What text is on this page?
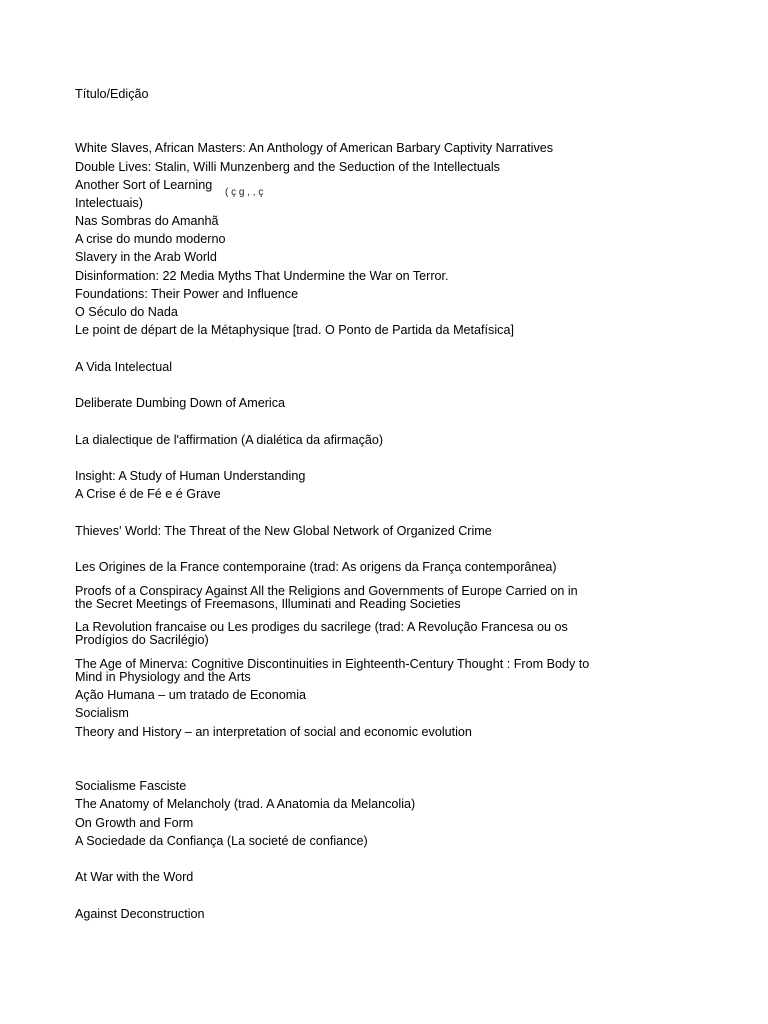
Título/Edição
White Slaves, African Masters: An Anthology of American Barbary Captivity Narratives
Double Lives: Stalin, Willi Munzenberg and the Seduction of the Intellectuals
Another Sort of Learning
( ç g , , ç
Intelectuais)
Nas Sombras do Amanhã
A crise do mundo moderno
Slavery in the Arab World
Disinformation: 22 Media Myths That Undermine the War on Terror.
Foundations: Their Power and Influence
O Século do Nada
Le point de départ de la Métaphysique [trad. O Ponto de Partida da Metafísica]
A Vida Intelectual
Deliberate Dumbing Down of America
La dialectique de l'affirmation (A dialética da afirmação)
Insight: A Study of Human Understanding
A Crise é de Fé e é Grave
Thieves' World: The Threat of the New Global Network of Organized Crime
Les Origines de la France contemporaine (trad: As origens da França contemporânea)
Proofs of a Conspiracy Against All the Religions and Governments of Europe Carried on in the Secret Meetings of Freemasons, Illuminati and Reading Societies
La Revolution francaise ou Les prodiges du sacrilege (trad: A Revolução Francesa ou os Prodígios do Sacrilégio)
The Age of Minerva: Cognitive Discontinuities in Eighteenth-Century Thought : From Body to Mind in Physiology and the Arts
Ação Humana – um tratado de Economia
Socialism
Theory and History – an interpretation of social and economic evolution
Socialisme Fasciste
The Anatomy of Melancholy (trad. A Anatomia da Melancolia)
On Growth and Form
A Sociedade da Confiança (La societé de confiance)
At War with the Word
Against Deconstruction
